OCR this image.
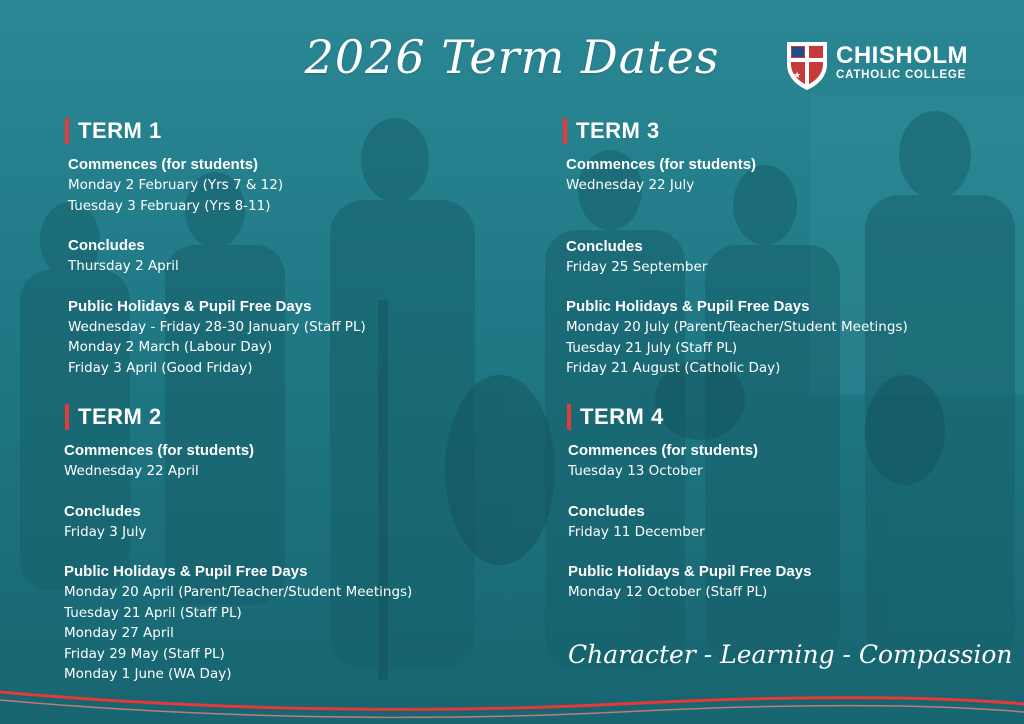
2026 Term Dates	★
CHISHOLM
CATHOLIC COLLEGE
TERM 1
Commences (for students)
Monday 2 February (Yrs 7 & 12)
Tuesday 3 February (Yrs 8-11)
Concludes
Thursday 2 April
Public Holidays & Pupil Free Days
Wednesday - Friday 28-30 January (Staff PL)
Monday 2 March (Labour Day)
Friday 3 April (Good Friday)
TERM 2
Commences (for students)
Wednesday 22 April
Concludes
Friday 3 July
Public Holidays & Pupil Free Days
Monday 20 April (Parent/Teacher/Student Meetings)
Tuesday 21 April (Staff PL)
Monday 27 April
Friday 29 May (Staff PL)
Monday 1 June (WA Day)
TERM 3
Commences (for students)
Wednesday 22 July
Concludes
Friday 25 September
Public Holidays & Pupil Free Days
Monday 20 July (Parent/Teacher/Student Meetings)
Tuesday 21 July (Staff PL)
Friday 21 August (Catholic Day)
TERM 4
Commences (for students)
Tuesday 13 October
Concludes
Friday 11 December
Public Holidays & Pupil Free Days
Monday 12 October (Staff PL)
Character - Learning - Compassion
